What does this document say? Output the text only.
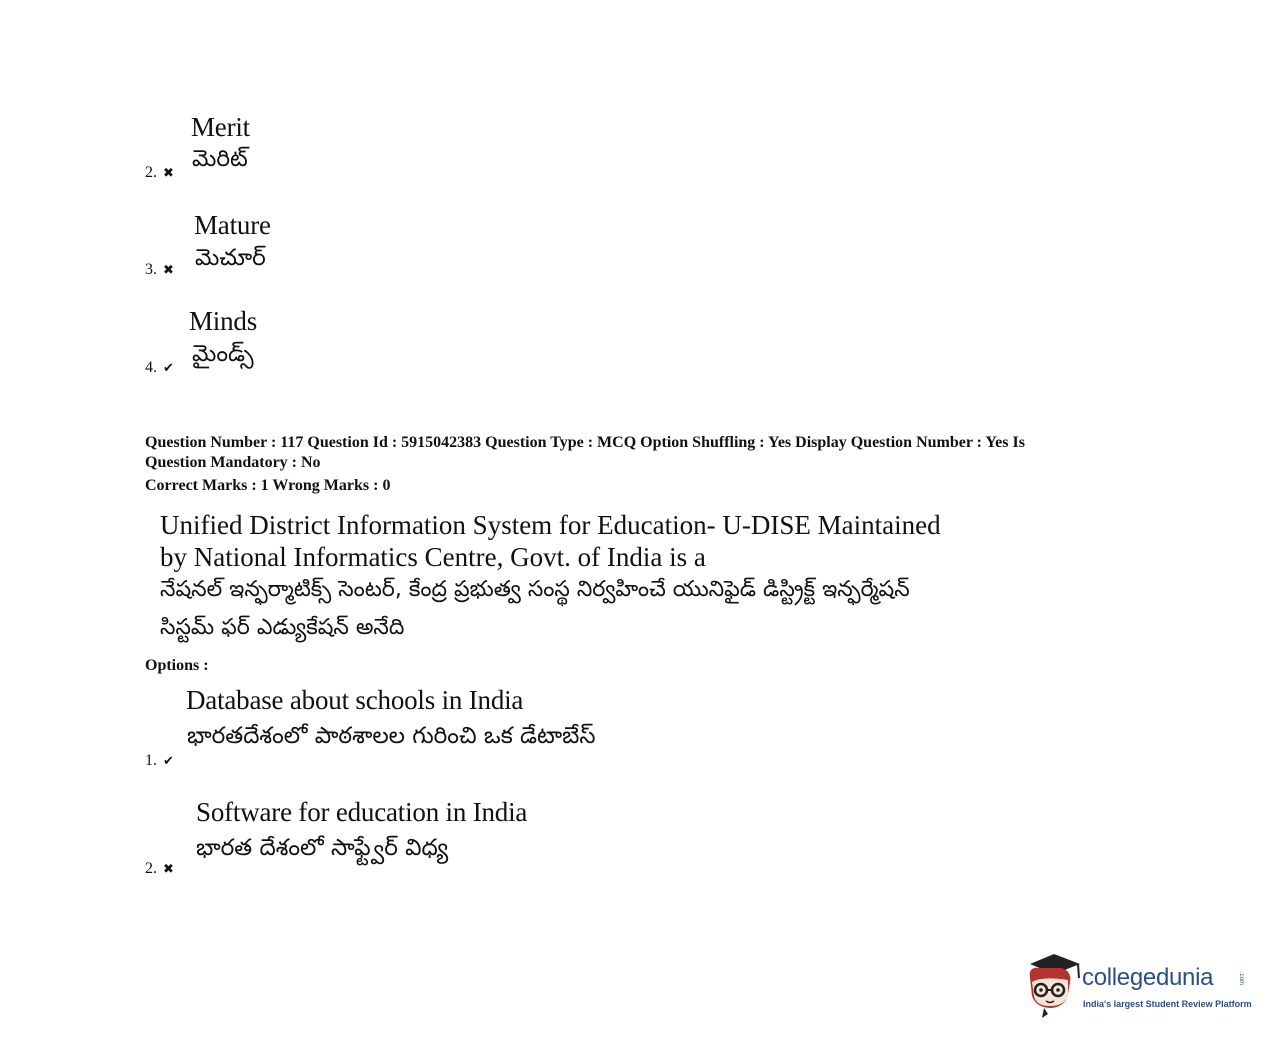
Merit
మెరిట్
2. ✖
Mature
మెచూర్
3. ✖
Minds
మైండ్స్
4. ✔
Question Number : 117 Question Id : 5915042383 Question Type : MCQ Option Shuffling : Yes Display Question Number : Yes Is
Question Mandatory : No
Correct Marks : 1 Wrong Marks : 0
Unified District Information System for Education- U-DISE Maintained
by National Informatics Centre, Govt. of India is a
నేషనల్ ఇన్ఫర్మాటిక్స్ సెంటర్, కేంద్ర ప్రభుత్వ సంస్థ నిర్వహించే యునిఫైడ్ డిస్ట్రిక్ట్ ఇన్ఫర్మేషన్
సిస్టమ్ ఫర్ ఎడ్యుకేషన్ అనేది
Options :
Database about schools in India
భారతదేశంలో పాఠశాలల గురించి ఒక డేటాబేస్
1. ✔
Software for education in India
భారత దేశంలో సాఫ్ట్వేర్ విధ్య
2. ✖
collegedunia	.com
India's largest Student Review Platform
